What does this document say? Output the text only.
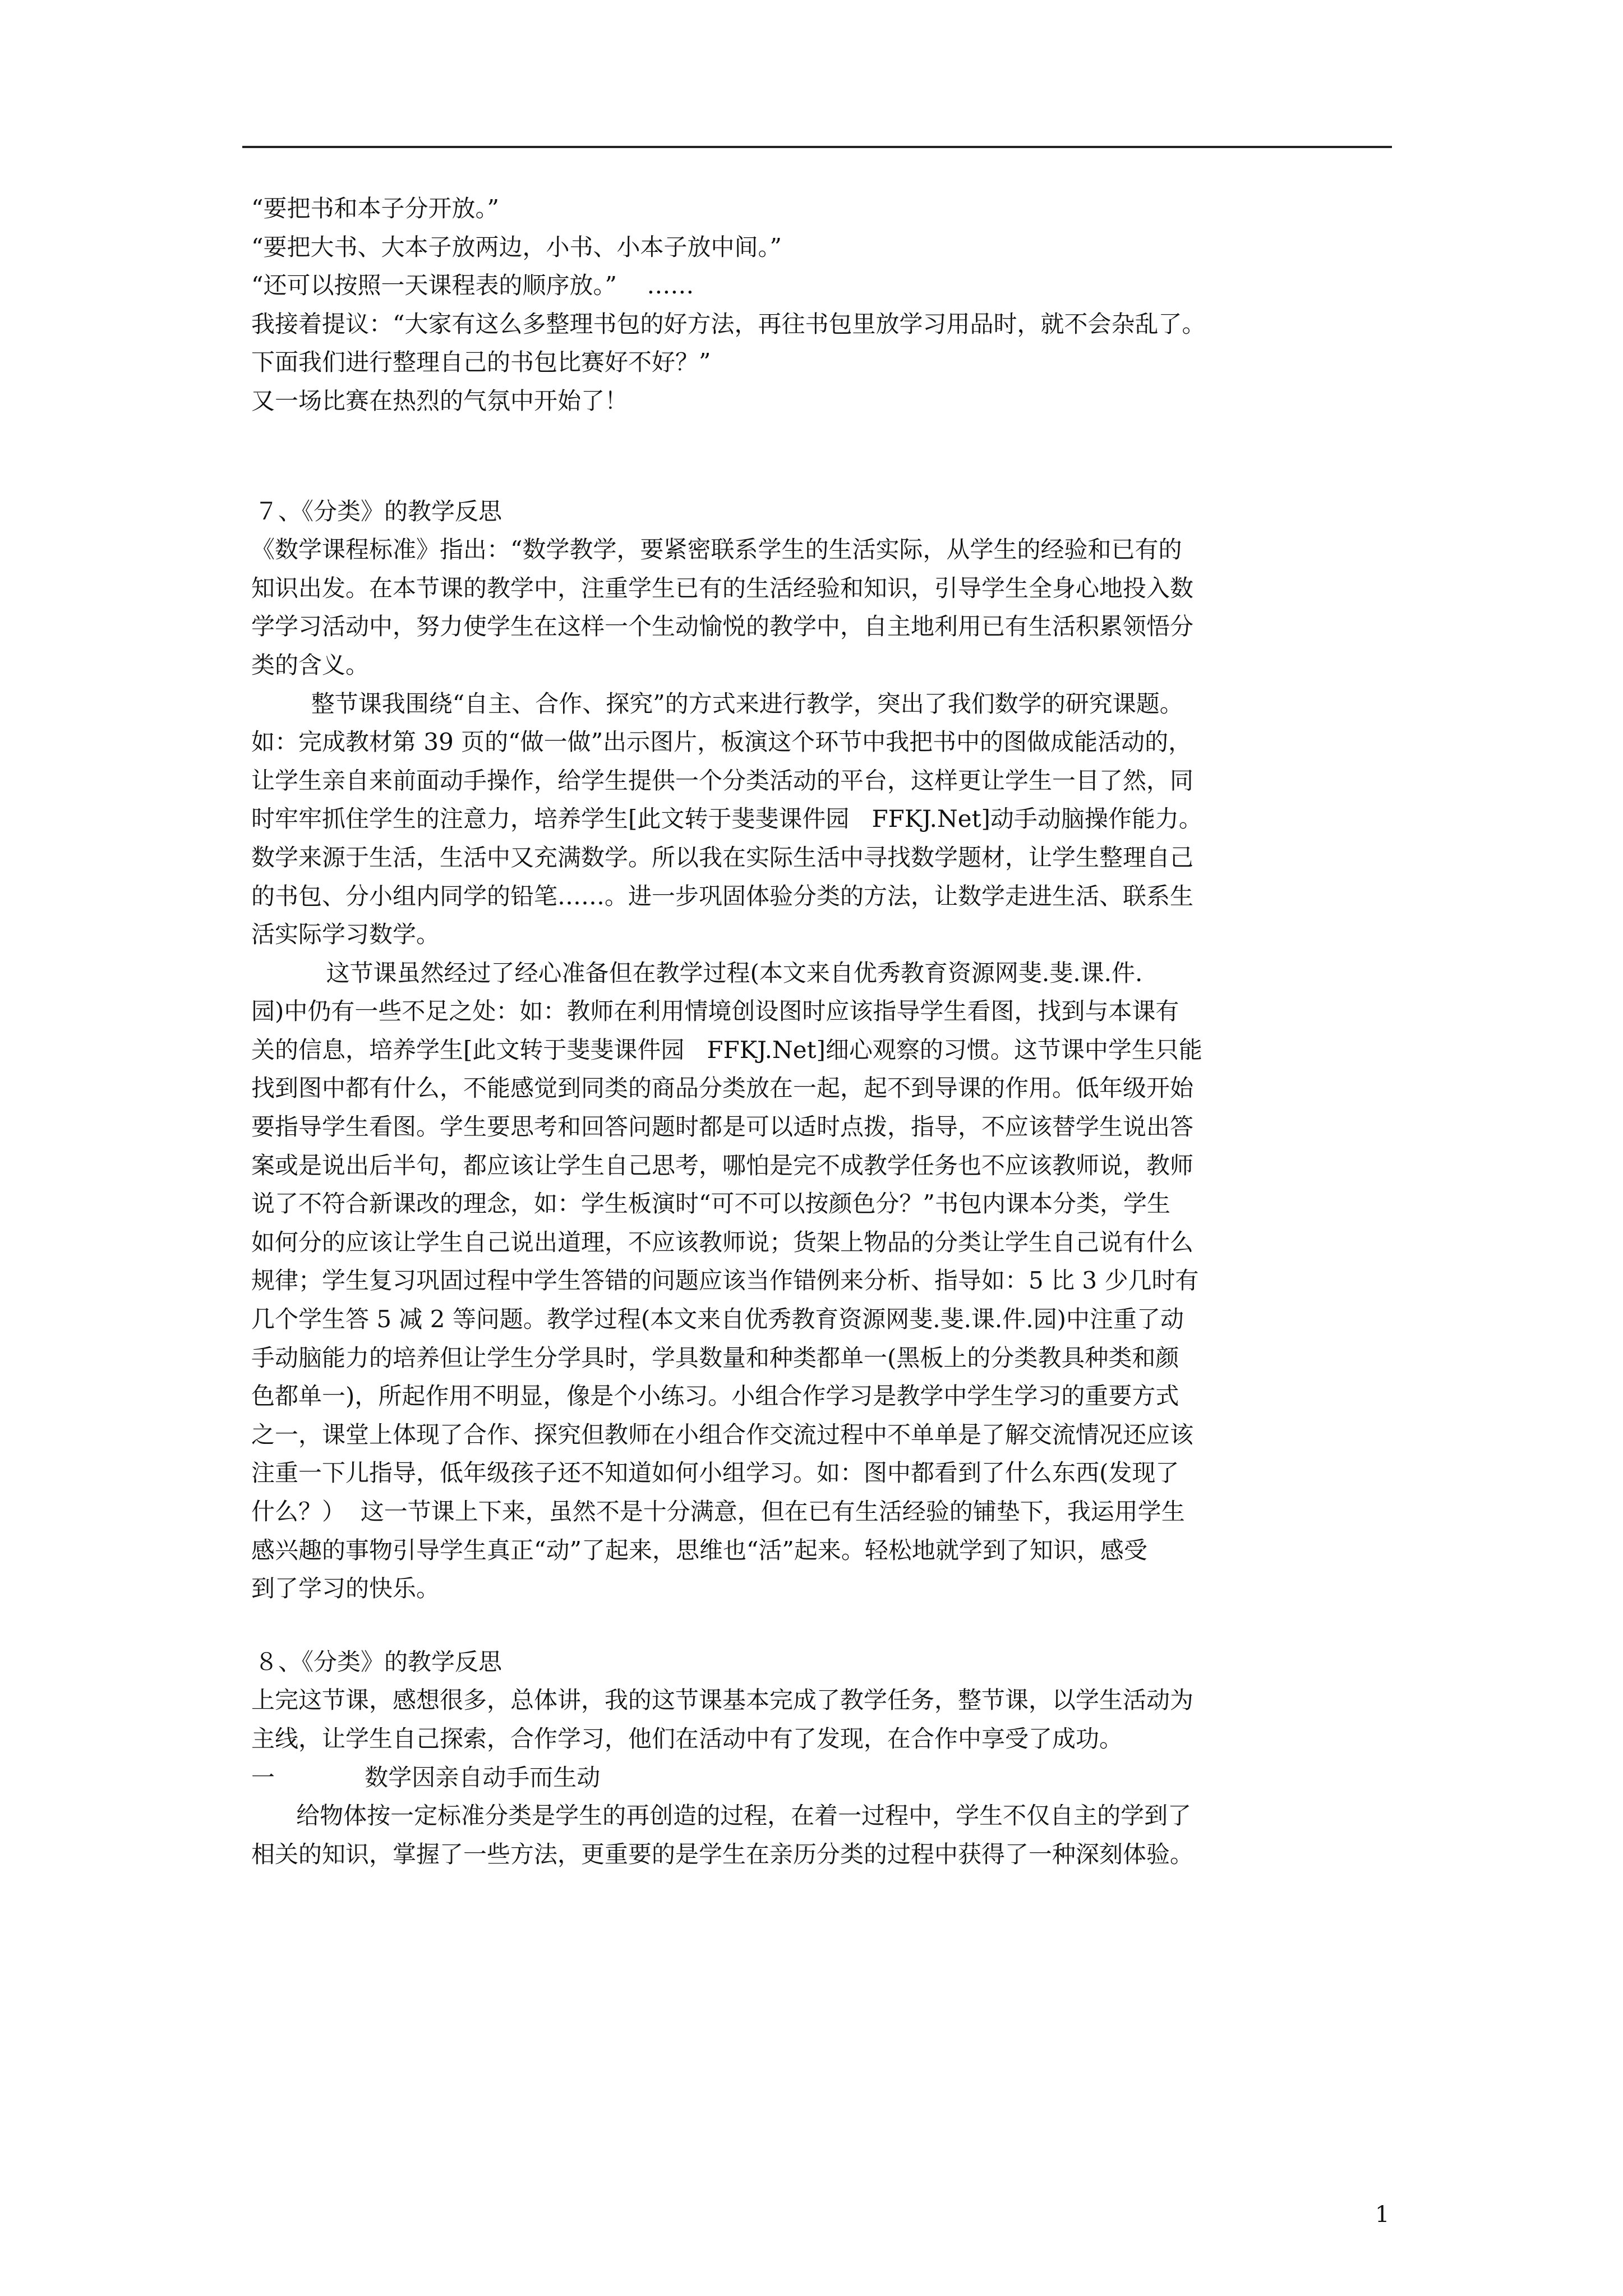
“要把书和本子分开放。”
“要把大书、大本子放两边，小书、小本子放中间。”
“还可以按照一天课程表的顺序放。”    ……
我接着提议：“大家有这么多整理书包的好方法，再往书包里放学习用品时，就不会杂乱了。
下面我们进行整理自己的书包比赛好不好？”
又一场比赛在热烈的气氛中开始了！
７、《分类》的教学反思
《数学课程标准》指出：“数学教学，要紧密联系学生的生活实际，从学生的经验和已有的
知识出发。在本节课的教学中，注重学生已有的生活经验和知识，引导学生全身心地投入数
学学习活动中，努力使学生在这样一个生动愉悦的教学中，自主地利用已有生活积累领悟分
类的含义。
整节课我围绕“自主、合作、探究”的方式来进行教学，突出了我们数学的研究课题。
如：完成教材第 39 页的“做一做”出示图片，板演这个环节中我把书中的图做成能活动的，
让学生亲自来前面动手操作，给学生提供一个分类活动的平台，这样更让学生一目了然，同
时牢牢抓住学生的注意力，培养学生[此文转于斐斐课件园   FFKJ.Net]动手动脑操作能力。
数学来源于生活，生活中又充满数学。所以我在实际生活中寻找数学题材，让学生整理自己
的书包、分小组内同学的铅笔……。进一步巩固体验分类的方法，让数学走进生活、联系生
活实际学习数学。
这节课虽然经过了经心准备但在教学过程(本文来自优秀教育资源网斐.斐.课.件.
园)中仍有一些不足之处：如：教师在利用情境创设图时应该指导学生看图，找到与本课有
关的信息，培养学生[此文转于斐斐课件园   FFKJ.Net]细心观察的习惯。这节课中学生只能
找到图中都有什么，不能感觉到同类的商品分类放在一起，起不到导课的作用。低年级开始
要指导学生看图。学生要思考和回答问题时都是可以适时点拨，指导，不应该替学生说出答
案或是说出后半句，都应该让学生自己思考，哪怕是完不成教学任务也不应该教师说，教师
说了不符合新课改的理念，如：学生板演时“可不可以按颜色分？”书包内课本分类，学生
如何分的应该让学生自己说出道理，不应该教师说；货架上物品的分类让学生自己说有什么
规律；学生复习巩固过程中学生答错的问题应该当作错例来分析、指导如：5 比 3 少几时有
几个学生答 5 减 2 等问题。教学过程(本文来自优秀教育资源网斐.斐.课.件.园)中注重了动
手动脑能力的培养但让学生分学具时，学具数量和种类都单一(黑板上的分类教具种类和颜
色都单一)，所起作用不明显，像是个小练习。小组合作学习是教学中学生学习的重要方式
之一，课堂上体现了合作、探究但教师在小组合作交流过程中不单单是了解交流情况还应该
注重一下儿指导，低年级孩子还不知道如何小组学习。如：图中都看到了什么东西(发现了
什么？）  这一节课上下来，虽然不是十分满意，但在已有生活经验的铺垫下，我运用学生
感兴趣的事物引导学生真正“动”了起来，思维也“活”起来。轻松地就学到了知识，感受
到了学习的快乐。
８、《分类》的教学反思
上完这节课，感想很多，总体讲，我的这节课基本完成了教学任务，整节课，以学生活动为
主线，让学生自己探索，合作学习，他们在活动中有了发现，在合作中享受了成功。
一            数学因亲自动手而生动
给物体按一定标准分类是学生的再创造的过程，在着一过程中，学生不仅自主的学到了
相关的知识，掌握了一些方法，更重要的是学生在亲历分类的过程中获得了一种深刻体验。
1
